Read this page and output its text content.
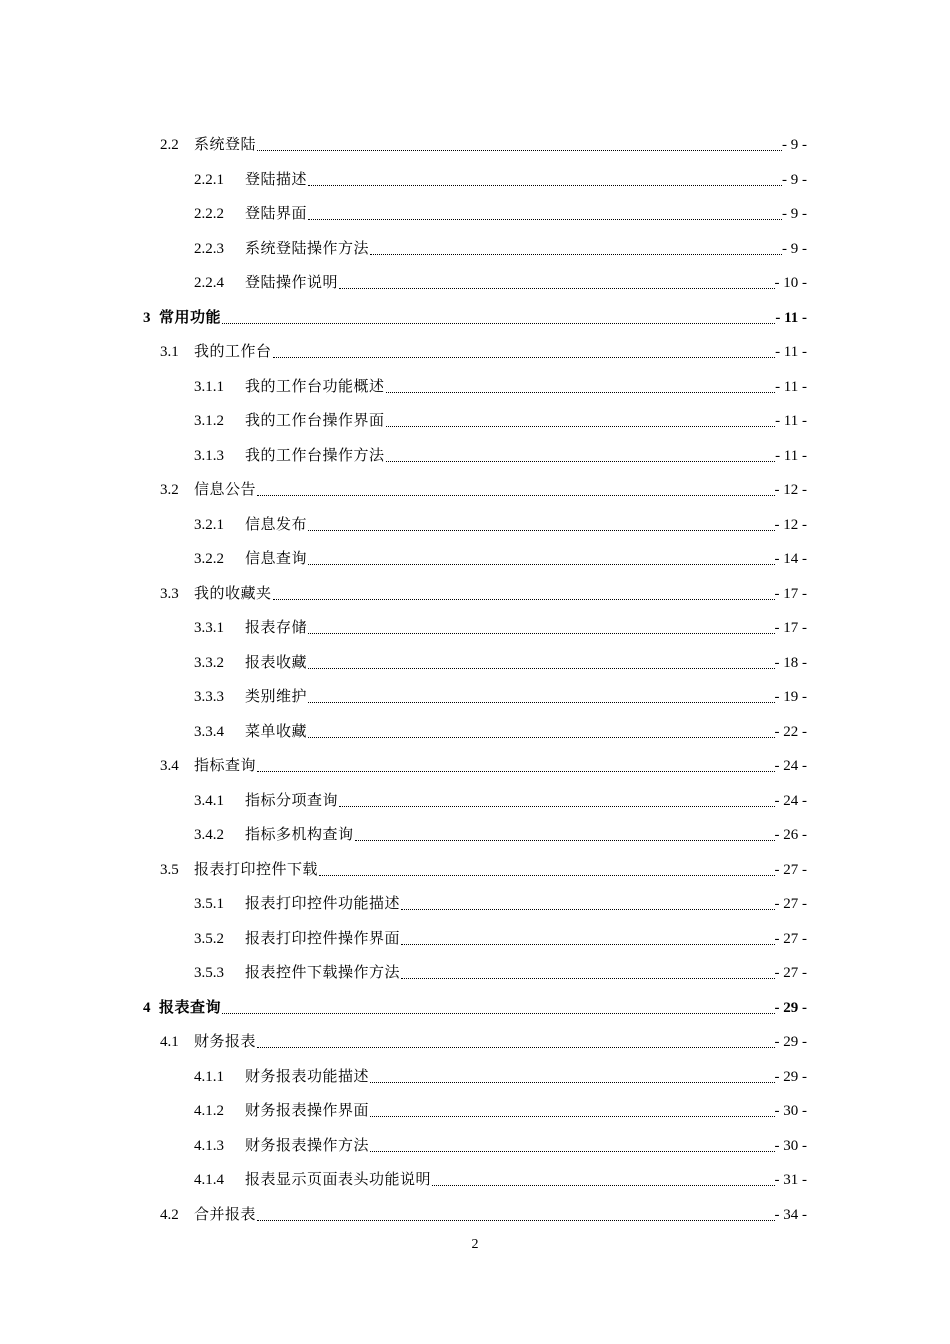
2.2	系统登陆	- 9 -
2.2.1	登陆描述	- 9 -
2.2.2	登陆界面	- 9 -
2.2.3	系统登陆操作方法	- 9 -
2.2.4	登陆操作说明	- 10 -
3 常用功能	- 11 -
3.1	我的工作台	- 11 -
3.1.1	我的工作台功能概述	- 11 -
3.1.2	我的工作台操作界面	- 11 -
3.1.3	我的工作台操作方法	- 11 -
3.2	信息公告	- 12 -
3.2.1	信息发布	- 12 -
3.2.2	信息查询	- 14 -
3.3	我的收藏夹	- 17 -
3.3.1	报表存储	- 17 -
3.3.2	报表收藏	- 18 -
3.3.3	类别维护	- 19 -
3.3.4	菜单收藏	- 22 -
3.4	指标查询	- 24 -
3.4.1	指标分项查询	- 24 -
3.4.2	指标多机构查询	- 26 -
3.5	报表打印控件下载	- 27 -
3.5.1	报表打印控件功能描述	- 27 -
3.5.2	报表打印控件操作界面	- 27 -
3.5.3	报表控件下载操作方法	- 27 -
4 报表查询	- 29 -
4.1	财务报表	- 29 -
4.1.1	财务报表功能描述	- 29 -
4.1.2	财务报表操作界面	- 30 -
4.1.3	财务报表操作方法	- 30 -
4.1.4	报表显示页面表头功能说明	- 31 -
4.2	合并报表	- 34 -
2
